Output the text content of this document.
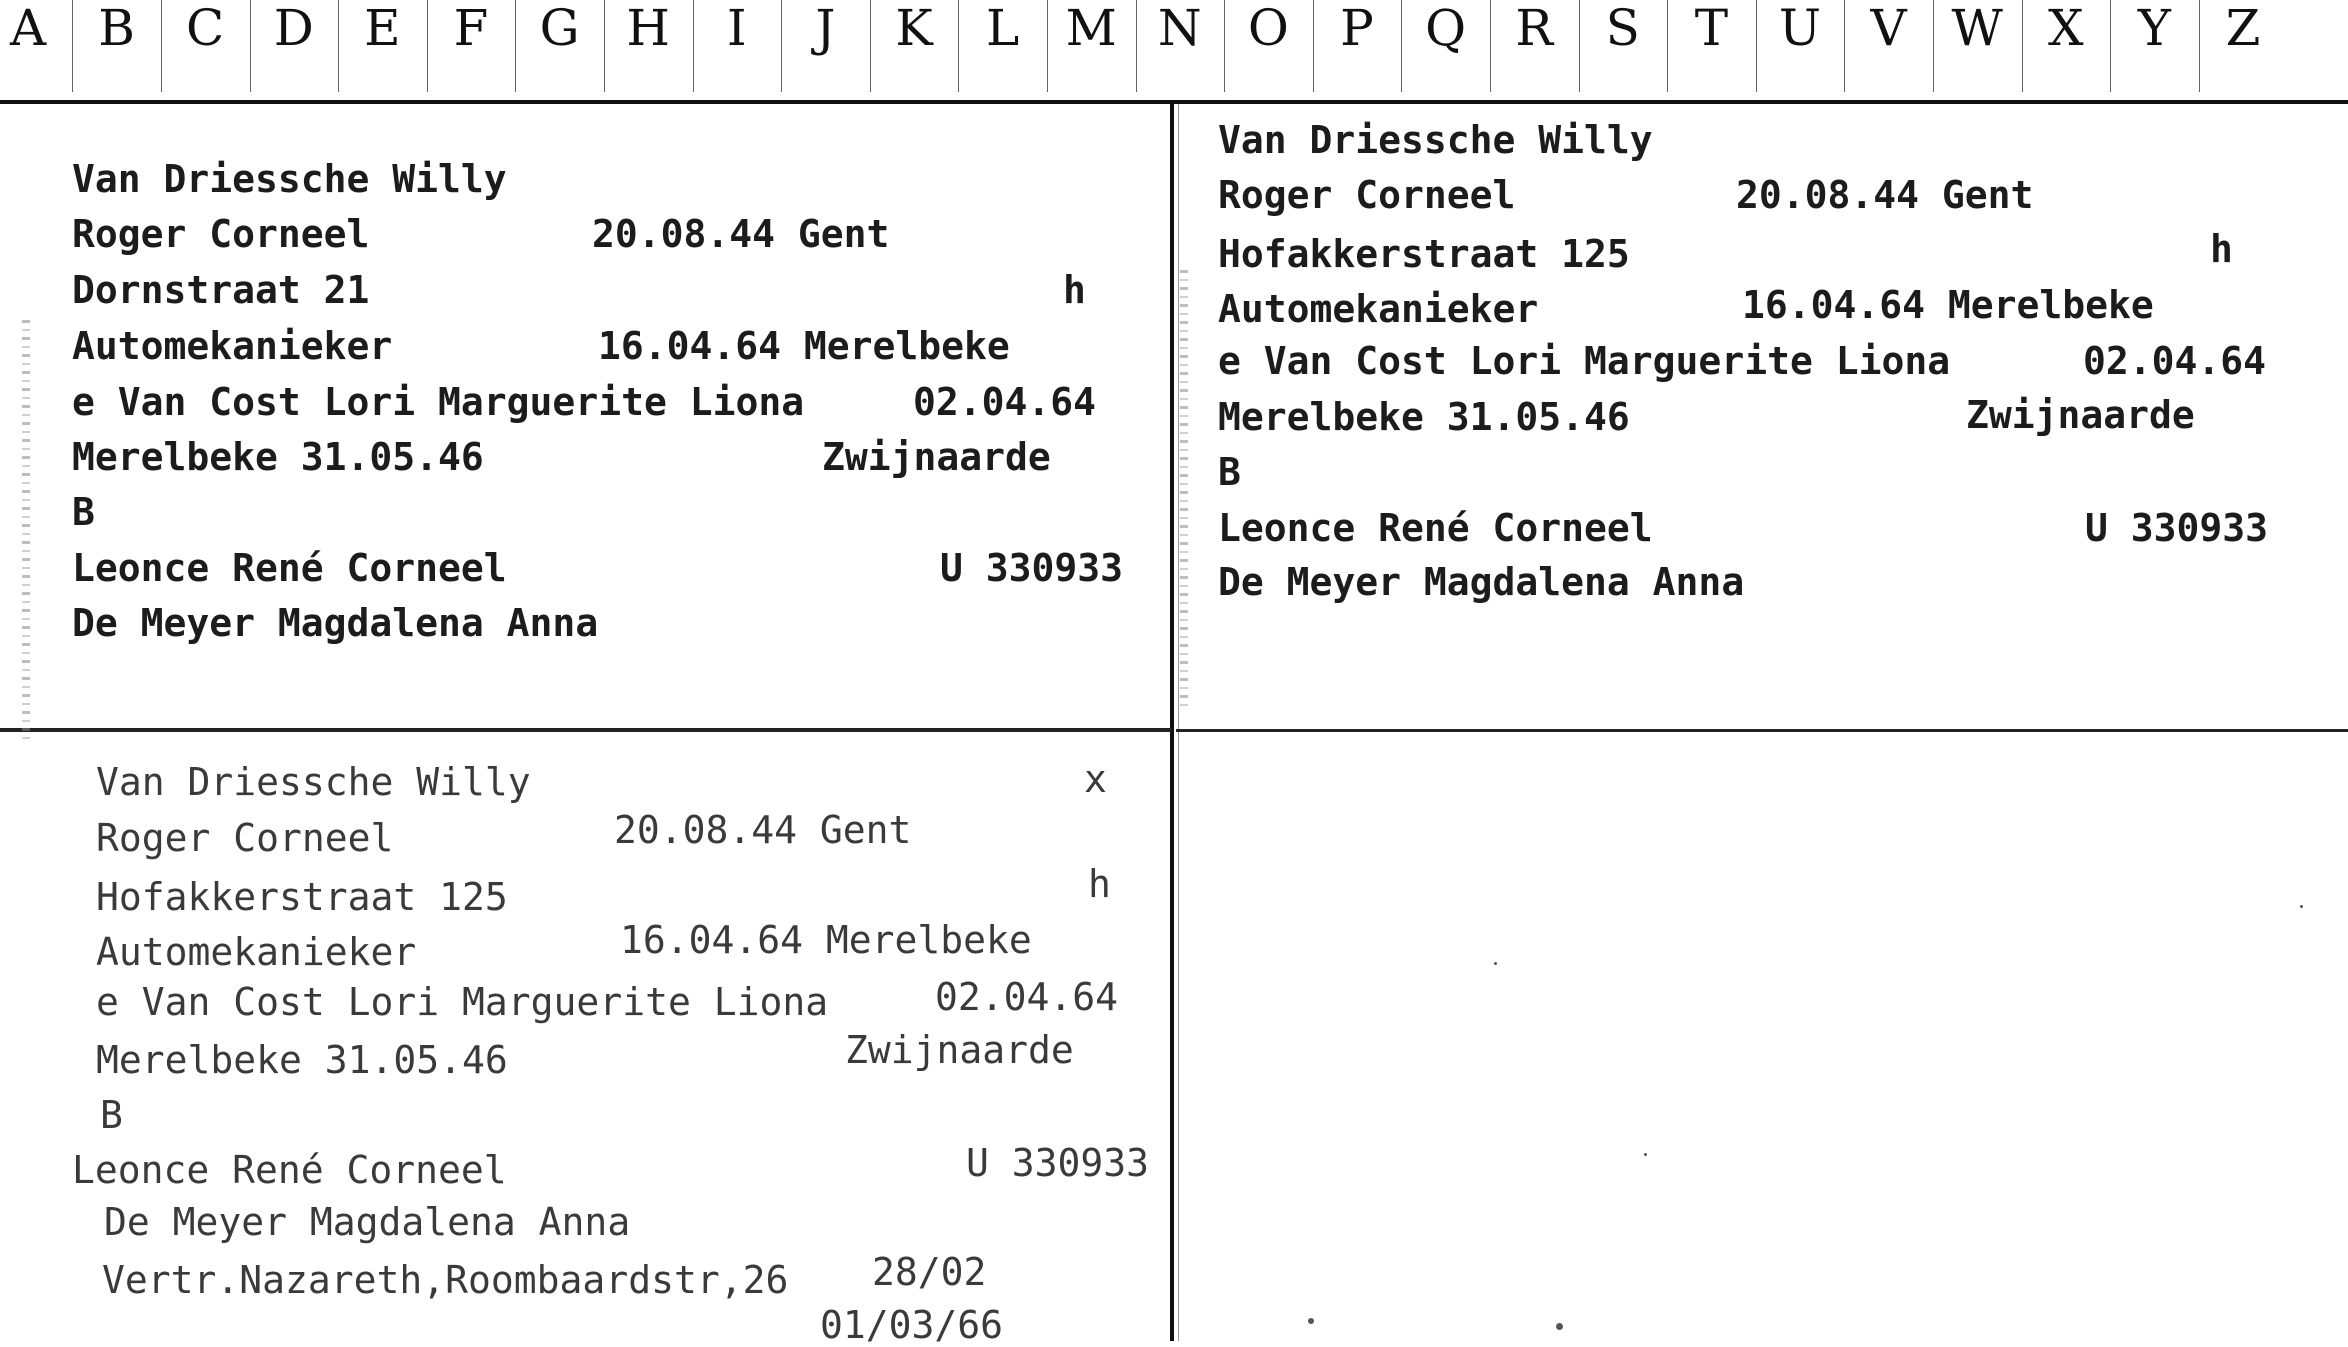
A	B	C D	E	F	G H	I	J	K	L M N O	P	Q R	S	T	U V W X	Y	Z
Van Driessche Willy
Roger Corneel	20.08.44 Gent
Dornstraat 21	h
Automekanieker	16.04.64 Merelbeke
e Van Cost Lori Marguerite Liona	02.04.64
Merelbeke 31.05.46	Zwijnaarde
B
Leonce René Corneel	U 330933
De Meyer Magdalena Anna
Van Driessche Willy
Roger Corneel	20.08.44 Gent
Hofakkerstraat 125	h
Automekanieker	16.04.64 Merelbeke
e Van Cost Lori Marguerite Liona	02.04.64
Merelbeke 31.05.46	Zwijnaarde
B
Leonce René Corneel	U 330933
De Meyer Magdalena Anna
Van Driessche Willy	x
Roger Corneel	20.08.44 Gent
Hofakkerstraat 125	h
Automekanieker	16.04.64 Merelbeke
e Van Cost Lori Marguerite Liona	02.04.64
Merelbeke 31.05.46	Zwijnaarde
B
Leonce René Corneel	U 330933
De Meyer Magdalena Anna
Vertr.Nazareth,Roombaardstr,26 28/02
01/03/66
